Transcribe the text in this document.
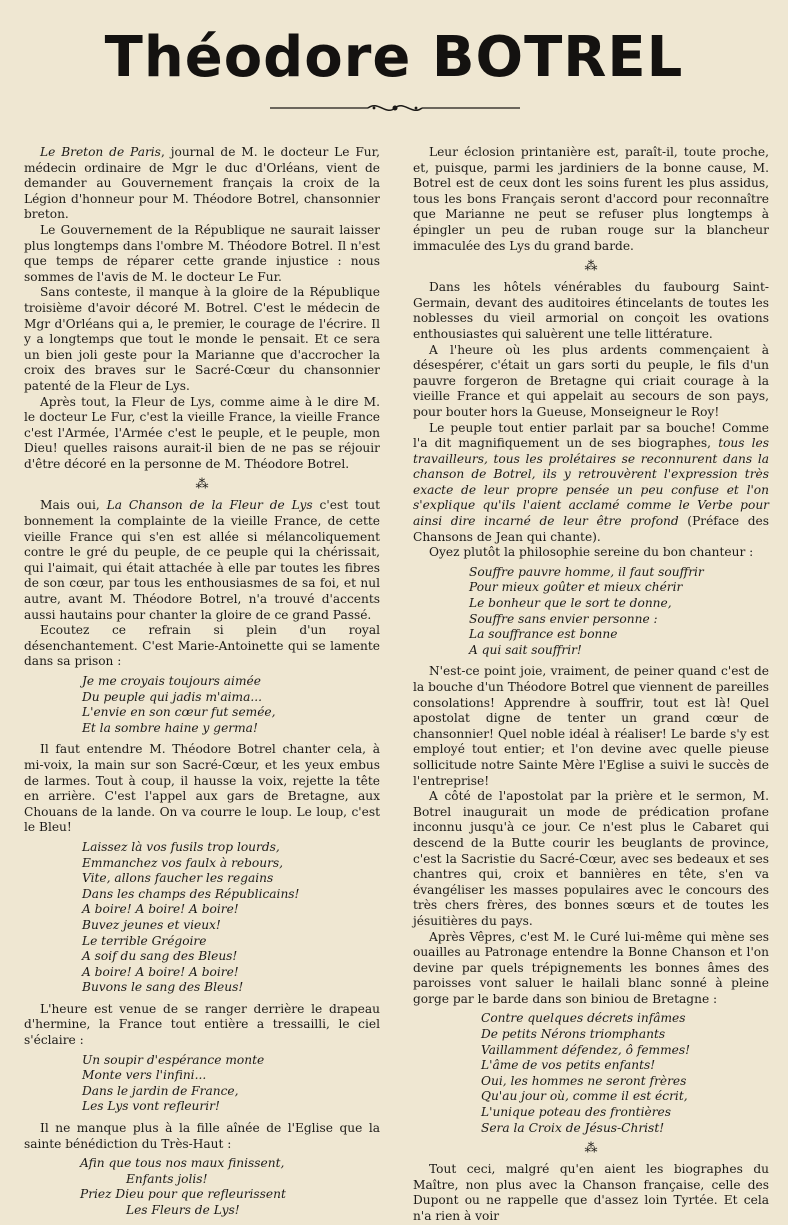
Théodore BOTREL

Le Breton de Paris, journal de M. le docteur Le Fur, médecin ordinaire de Mgr le duc d'Orléans, vient de demander au Gouvernement français la croix de la Légion d'honneur pour M. Théodore Botrel, chansonnier breton.

Le Gouvernement de la République ne saurait laisser plus longtemps dans l'ombre M. Théodore Botrel. Il n'est que temps de réparer cette grande injustice : nous sommes de l'avis de M. le docteur Le Fur.

Sans conteste, il manque à la gloire de la République troisième d'avoir décoré M. Botrel. C'est le médecin de Mgr d'Orléans qui a, le premier, le courage de l'écrire. Il y a longtemps que tout le monde le pensait. Et ce sera un bien joli geste pour la Marianne que d'accrocher la croix des braves sur le Sacré-Cœur du chansonnier patenté de la Fleur de Lys.

Après tout, la Fleur de Lys, comme aime à le dire M. le docteur Le Fur, c'est la vieille France, la vieille France c'est l'Armée, l'Armée c'est le peuple, et le peuple, mon Dieu! quelles raisons aurait-il bien de ne pas se réjouir d'être décoré en la personne de M. Théodore Botrel.

⁂

Mais oui, La Chanson de la Fleur de Lys c'est tout bonnement la complainte de la vieille France, de cette vieille France qui s'en est allée si mélancoliquement contre le gré du peuple, de ce peuple qui la chérissait, qui l'aimait, qui était attachée à elle par toutes les fibres de son cœur, par tous les enthousiasmes de sa foi, et nul autre, avant M. Théodore Botrel, n'a trouvé d'accents aussi hautains pour chanter la gloire de ce grand Passé.

Ecoutez ce refrain si plein d'un royal désenchantement. C'est Marie-Antoinette qui se lamente dans sa prison :

Je me croyais toujours aimée
Du peuple qui jadis m'aima...
L'envie en son cœur fut semée,
Et la sombre haine y germa!

Il faut entendre M. Théodore Botrel chanter cela, à mi-voix, la main sur son Sacré-Cœur, et les yeux embus de larmes. Tout à coup, il hausse la voix, rejette la tête en arrière. C'est l'appel aux gars de Bretagne, aux Chouans de la lande. On va courre le loup. Le loup, c'est le Bleu!

Laissez là vos fusils trop lourds,
Emmanchez vos faulx à rebours,
Vite, allons faucher les regains
Dans les champs des Républicains!
A boire! A boire! A boire!
Buvez jeunes et vieux!
Le terrible Grégoire
A soif du sang des Bleus!
A boire! A boire! A boire!
Buvons le sang des Bleus!

L'heure est venue de se ranger derrière le drapeau d'hermine, la France tout entière a tressailli, le ciel s'éclaire :

Un soupir d'espérance monte
Monte vers l'infini...
Dans le jardin de France,
Les Lys vont refleurir!

Il ne manque plus à la fille aînée de l'Eglise que la sainte bénédiction du Très-Haut :

Afin que tous nos maux finissent,
Enfants jolis!
Priez Dieu pour que refleurissent
Les Fleurs de Lys!

Leur éclosion printanière est, paraît-il, toute proche, et, puisque, parmi les jardiniers de la bonne cause, M. Botrel est de ceux dont les soins furent les plus assidus, tous les bons Français seront d'accord pour reconnaître que Marianne ne peut se refuser plus longtemps à épingler un peu de ruban rouge sur la blancheur immaculée des Lys du grand barde.

⁂

Dans les hôtels vénérables du faubourg Saint-Germain, devant des auditoires étincelants de toutes les noblesses du vieil armorial on conçoit les ovations enthousiastes qui saluèrent une telle littérature.

A l'heure où les plus ardents commençaient à désespérer, c'était un gars sorti du peuple, le fils d'un pauvre forgeron de Bretagne qui criait courage à la vieille France et qui appelait au secours de son pays, pour bouter hors la Gueuse, Monseigneur le Roy!

Le peuple tout entier parlait par sa bouche! Comme l'a dit magnifiquement un de ses biographes, tous les travailleurs, tous les prolétaires se reconnurent dans la chanson de Botrel, ils y retrouvèrent l'expression très exacte de leur propre pensée un peu confuse et l'on s'explique qu'ils l'aient acclamé comme le Verbe pour ainsi dire incarné de leur être profond (Préface des Chansons de Jean qui chante).

Oyez plutôt la philosophie sereine du bon chanteur :

Souffre pauvre homme, il faut souffrir
Pour mieux goûter et mieux chérir
Le bonheur que le sort te donne,
Souffre sans envier personne :
La souffrance est bonne
A qui sait souffrir!

N'est-ce point joie, vraiment, de peiner quand c'est de la bouche d'un Théodore Botrel que viennent de pareilles consolations! Apprendre à souffrir, tout est là! Quel apostolat digne de tenter un grand cœur de chansonnier! Quel noble idéal à réaliser! Le barde s'y est employé tout entier; et l'on devine avec quelle pieuse sollicitude notre Sainte Mère l'Eglise a suivi le succès de l'entreprise!

A côté de l'apostolat par la prière et le sermon, M. Botrel inaugurait un mode de prédication profane inconnu jusqu'à ce jour. Ce n'est plus le Cabaret qui descend de la Butte courir les beuglants de province, c'est la Sacristie du Sacré-Cœur, avec ses bedeaux et ses chantres qui, croix et bannières en tête, s'en va évangéliser les masses populaires avec le concours des très chers frères, des bonnes sœurs et de toutes les jésuitières du pays.

Après Vêpres, c'est M. le Curé lui-même qui mène ses ouailles au Patronage entendre la Bonne Chanson et l'on devine par quels trépignements les bonnes âmes des paroisses vont saluer le hailali blanc sonné à pleine gorge par le barde dans son biniou de Bretagne :

Contre quelques décrets infâmes
De petits Nérons triomphants
Vaillamment défendez, ô femmes!
L'âme de vos petits enfants!
Oui, les hommes ne seront frères
Qu'au jour où, comme il est écrit,
L'unique poteau des frontières
Sera la Croix de Jésus-Christ!
⁂

Tout ceci, malgré qu'en aient les biographes du Maître, non plus avec la Chanson française, celle des Dupont ou ne rappelle que d'assez loin Tyrtée. Et cela n'a rien à voir
